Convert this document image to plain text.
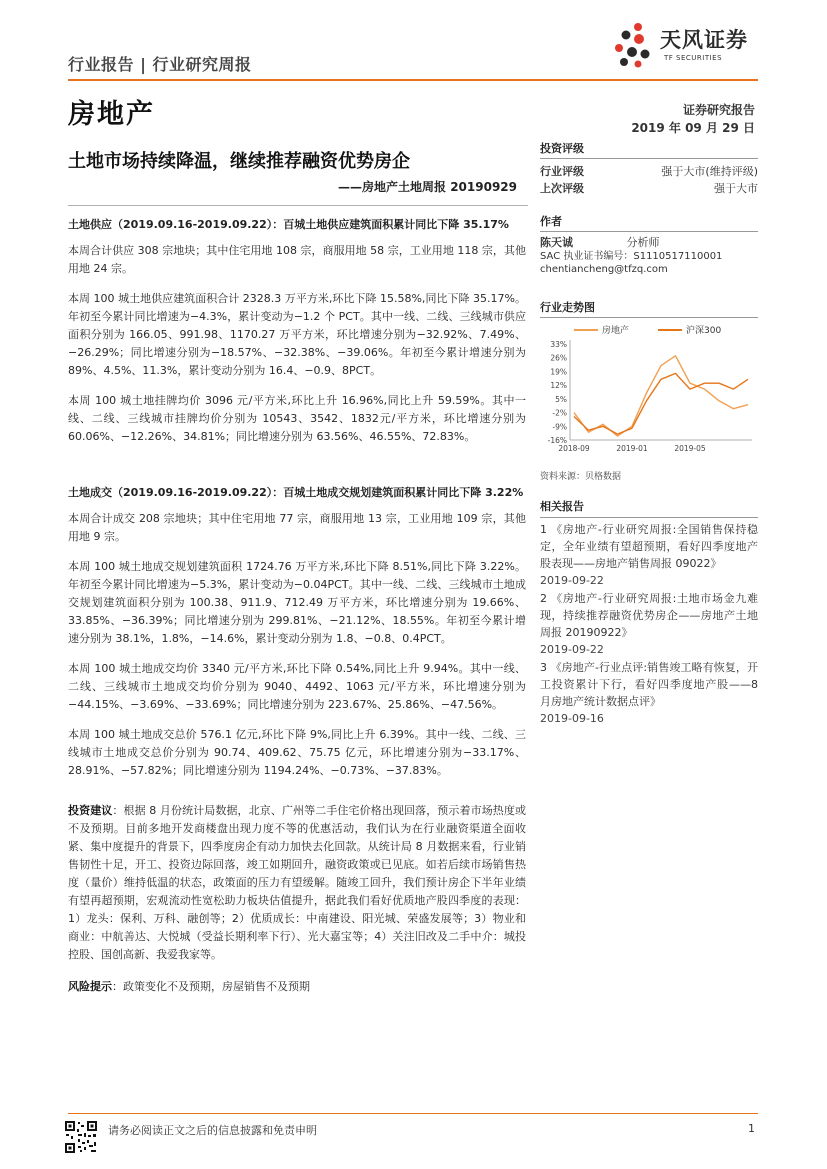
行业报告 | 行业研究周报
天风证券
TF SECURITIES
房地产	证券研究报告
2019 年 09 月 29 日
土地市场持续降温，继续推荐融资优势房企
——房地产土地周报 20190929
土地供应（2019.09.16-2019.09.22）：百城土地供应建筑面积累计同比下降 35.17%

本周合计供应 308 宗地块；其中住宅用地 108 宗，商服用地 58 宗，工业用地 118 宗，其他用地 24 宗。

本周 100 城土地供应建筑面积合计 2328.3 万平方米,环比下降 15.58%,同比下降 35.17%。年初至今累计同比增速为−4.3%，累计变动为−1.2 个 PCT。其中一线、二线、三线城市供应面积分别为 166.05、991.98、1170.27 万平方米，环比增速分别为−32.92%、7.49%、−26.29%；同比增速分别为−18.57%、−32.38%、−39.06%。年初至今累计增速分别为 89%、4.5%、11.3%，累计变动分别为 16.4、−0.9、8PCT。

本周 100 城土地挂牌均价 3096 元/平方米,环比上升 16.96%,同比上升 59.59%。其中一线、二线、三线城市挂牌均价分别为 10543、3542、1832元/平方米，环比增速分别为 60.06%、−12.26%、34.81%；同比增速分别为 63.56%、46.55%、72.83%。

土地成交（2019.09.16-2019.09.22）：百城土地成交规划建筑面积累计同比下降 3.22%

本周合计成交 208 宗地块；其中住宅用地 77 宗，商服用地 13 宗，工业用地 109 宗，其他用地 9 宗。

本周 100 城土地成交规划建筑面积 1724.76 万平方米,环比下降 8.51%,同比下降 3.22%。年初至今累计同比增速为−5.3%，累计变动为−0.04PCT。其中一线、二线、三线城市土地成交规划建筑面积分别为 100.38、911.9、712.49 万平方米，环比增速分别为 19.66%、33.85%、−36.39%；同比增速分别为 299.81%、−21.12%、18.55%。年初至今累计增速分别为 38.1%，1.8%，−14.6%，累计变动分别为 1.8、−0.8、0.4PCT。

本周 100 城土地成交均价 3340 元/平方米,环比下降 0.54%,同比上升 9.94%。其中一线、二线、三线城市土地成交均价分别为 9040、4492、1063 元/平方米，环比增速分别为−44.15%、−3.69%、−33.69%；同比增速分别为 223.67%、25.86%、−47.56%。

本周 100 城土地成交总价 576.1 亿元,环比下降 9%,同比上升 6.39%。其中一线、二线、三线城市土地成交总价分别为 90.74、409.62、75.75 亿元，环比增速分别为−33.17%、28.91%、−57.82%；同比增速分别为 1194.24%、−0.73%、−37.83%。

投资建议：根据 8 月份统计局数据，北京、广州等二手住宅价格出现回落，预示着市场热度或不及预期。目前多地开发商楼盘出现力度不等的优惠活动，我们认为在行业融资渠道全面收紧、集中度提升的背景下，四季度房企有动力加快去化回款。从统计局 8 月数据来看，行业销售韧性十足，开工、投资边际回落，竣工如期回升，融资政策或已见底。如若后续市场销售热度（量价）维持低温的状态，政策面的压力有望缓解。随竣工回升，我们预计房企下半年业绩有望再超预期，宏观流动性宽松助力板块估值提升，据此我们看好优质地产股四季度的表现：1）龙头：保利、万科、融创等；2）优质成长：中南建设、阳光城、荣盛发展等；3）物业和商业：中航善达、大悦城（受益长期利率下行）、光大嘉宝等；4）关注旧改及二手中介：城投控股、国创高新、我爱我家等。

风险提示：政策变化不及预期，房屋销售不及预期

投资评级
行业评级	强于大市(维持评级)
上次评级	强于大市
作者
陈天诚	分析师
SAC 执业证书编号：S1110517110001
chentiancheng@tfzq.com
行业走势图
房地产	沪深300
33%
26%
19%
12%
5%
-2%
-9%
-16%
2018-09	2019-01	2019-05
资料来源：贝格数据
相关报告
1 《房地产-行业研究周报:全国销售保持稳定，全年业绩有望超预期，看好四季度地产股表现——房地产销售周报 09022》
2019-09-22
2 《房地产-行业研究周报:土地市场金九难现，持续推荐融资优势房企——房地产土地周报 20190922》
2019-09-22
3 《房地产-行业点评:销售竣工略有恢复，开工投资累计下行，看好四季度地产股——8 月房地产统计数据点评》
2019-09-16
请务必阅读正文之后的信息披露和免责申明	1
